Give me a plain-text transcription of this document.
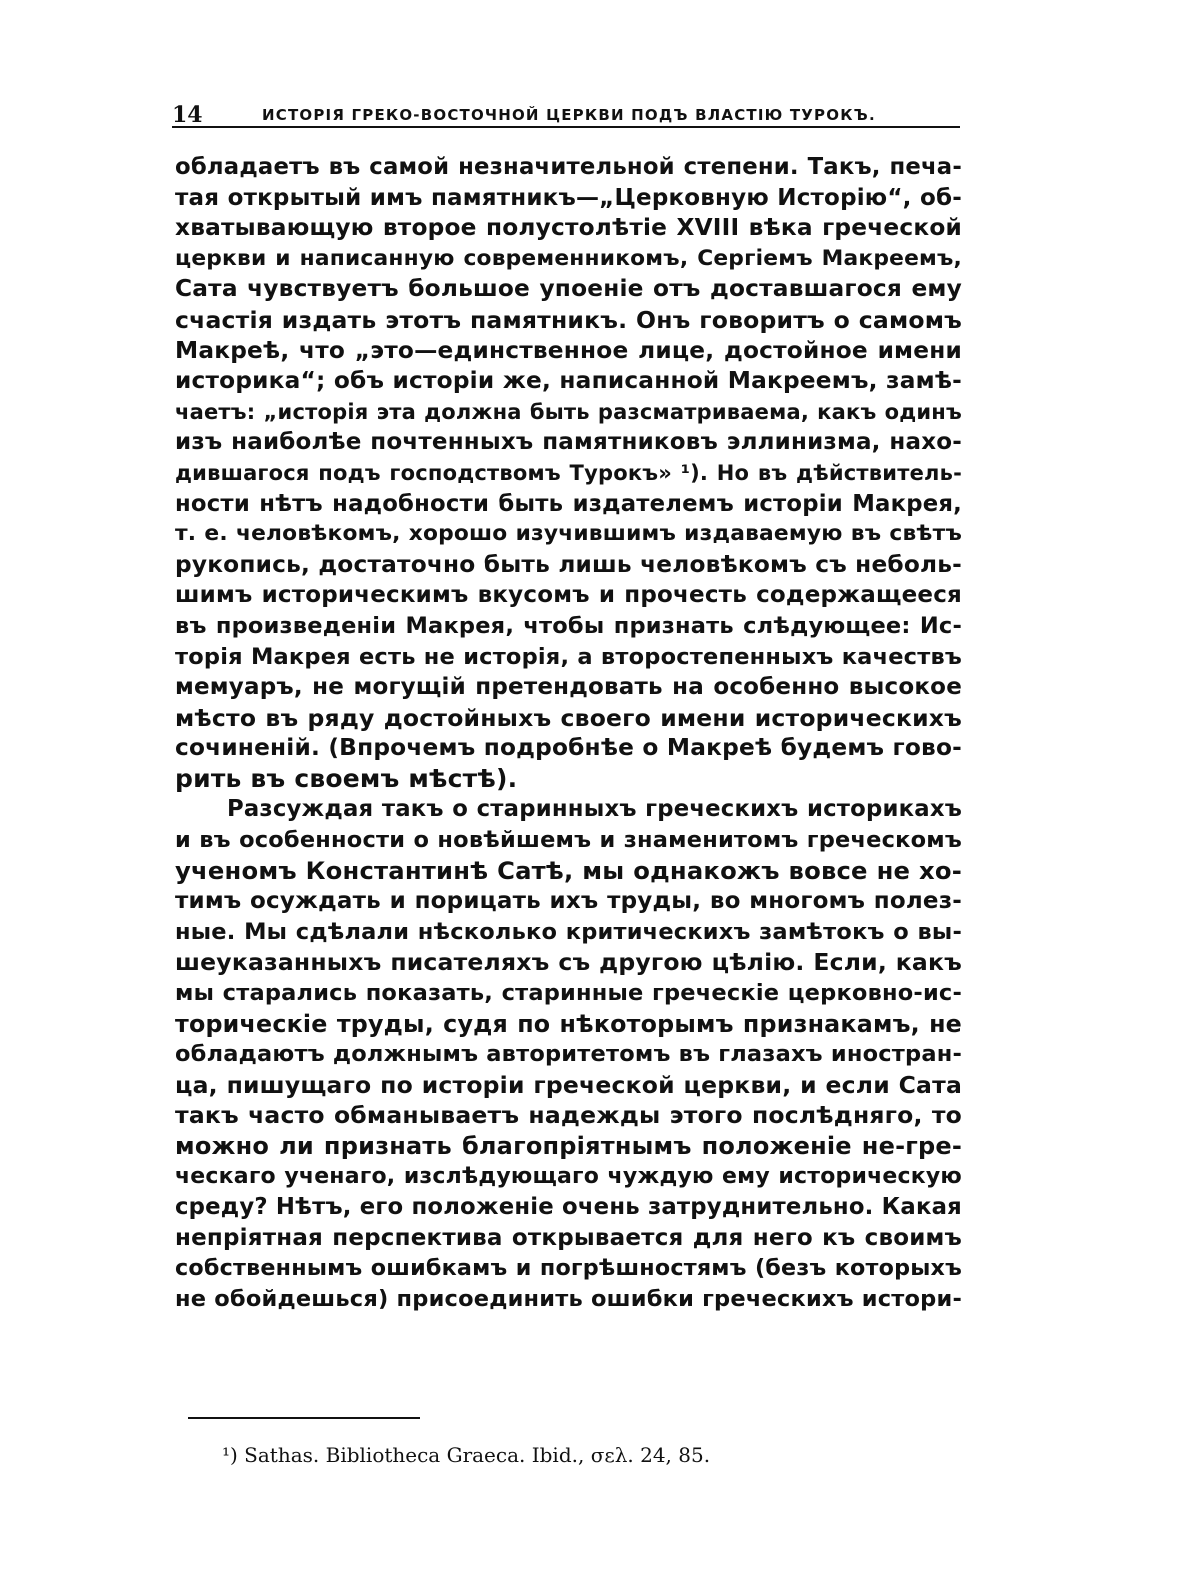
14	ИСТОРІЯ ГРЕКО-ВОСТОЧНОЙ ЦЕРКВИ ПОДЪ ВЛАСТІЮ ТУРОКЪ.
обладаетъ въ самой незначительной степени. Такъ, печа-
тая открытый имъ памятникъ—„Церковную Исторію“, об-
хватывающую второе полустолѣтіе XVIII вѣка греческой
церкви и написанную современникомъ, Сергіемъ Макреемъ,
Сата чувствуетъ большое упоеніе отъ доставшагося ему
счастія издать этотъ памятникъ. Онъ говоритъ о самомъ
Макреѣ, что „это—единственное лице, достойное имени
историка“; объ исторіи же, написанной Макреемъ, замѣ-
чаетъ: „исторія эта должна быть разсматриваема, какъ одинъ
изъ наиболѣе почтенныхъ памятниковъ эллинизма, нахо-
дившагося подъ господствомъ Турокъ» ¹). Но въ дѣйствитель-
ности нѣтъ надобности быть издателемъ исторіи Макрея,
т. е. человѣкомъ, хорошо изучившимъ издаваемую въ свѣтъ
рукопись, достаточно быть лишь человѣкомъ съ неболь-
шимъ историческимъ вкусомъ и прочесть содержащееся
въ произведеніи Макрея, чтобы признать слѣдующее: Ис-
торія Макрея есть не исторія, а второстепенныхъ качествъ
мемуаръ, не могущій претендовать на особенно высокое
мѣсто въ ряду достойныхъ своего имени историческихъ
сочиненій. (Впрочемъ подробнѣе о Макреѣ будемъ гово-
рить въ своемъ мѣстѣ).
Разсуждая такъ о старинныхъ греческихъ историкахъ
и въ особенности о новѣйшемъ и знаменитомъ греческомъ
ученомъ Константинѣ Сатѣ, мы однакожъ вовсе не хо-
тимъ осуждать и порицать ихъ труды, во многомъ полез-
ные. Мы сдѣлали нѣсколько критическихъ замѣтокъ о вы-
шеуказанныхъ писателяхъ съ другою цѣлію. Если, какъ
мы старались показать, старинные греческіе церковно-ис-
торическіе труды, судя по нѣкоторымъ признакамъ, не
обладаютъ должнымъ авторитетомъ въ глазахъ иностран-
ца, пишущаго по исторіи греческой церкви, и если Сата
такъ часто обманываетъ надежды этого послѣдняго, то
можно ли признать благопріятнымъ положеніе не-гре-
ческаго ученаго, изслѣдующаго чуждую ему историческую
среду? Нѣтъ, его положеніе очень затруднительно. Какая
непріятная перспектива открывается для него къ своимъ
собственнымъ ошибкамъ и погрѣшностямъ (безъ которыхъ
не обойдешься) присоединить ошибки греческихъ истори-
¹) Sathas. Bibliotheca Graeca. Ibid., σελ. 24, 85.
